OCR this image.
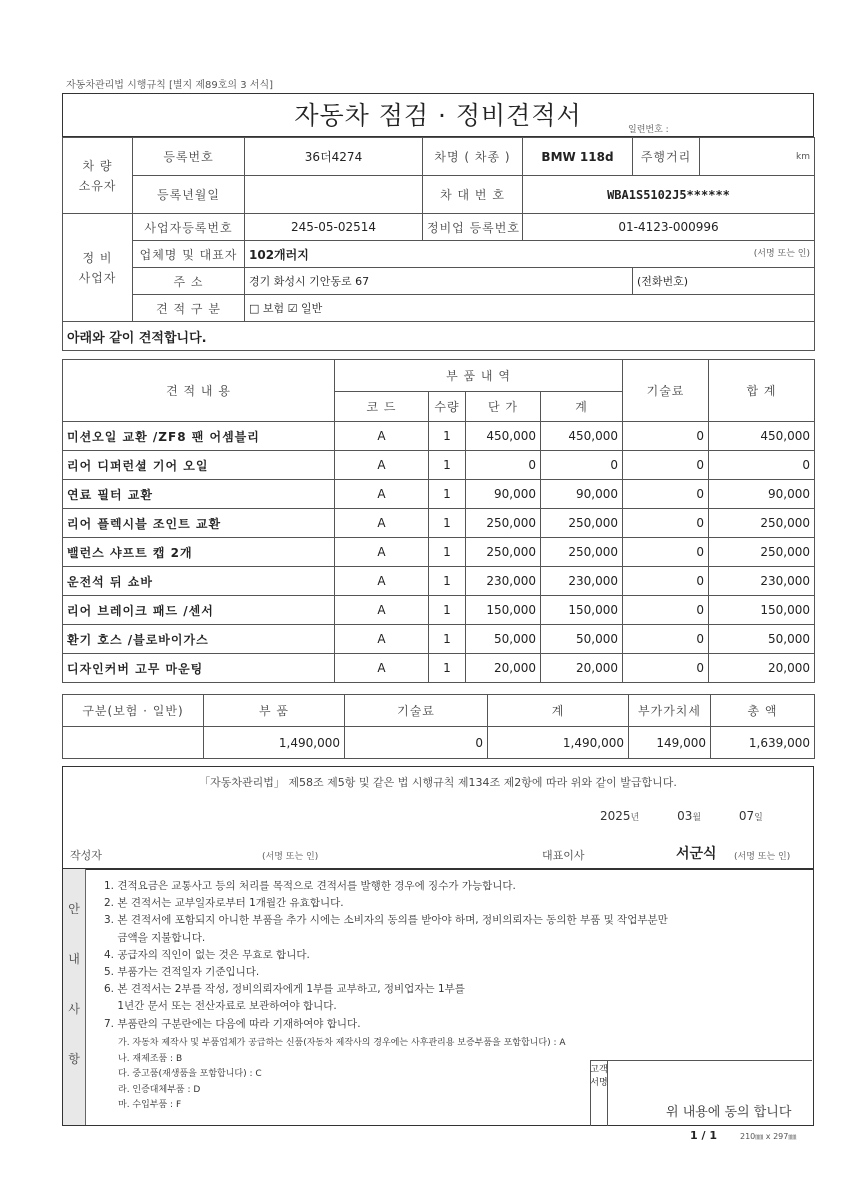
자동차관리법 시행규칙 [별지 제89호의 3 서식]
자동차 점검 · 정비견적서	일련번호 :
차 량
소유자	등록번호	36더4274	차명 ( 차종 )	BMW 118d	주행거리	km
	등록년월일		차 대 번 호	WBA1S5102J5******		
정 비
사업자	사업자등록번호	245-05-02514	정비업 등록번호	01-4123-000996		
	업체명 및 대표자	102개러지 (서명 또는 인)				

	주 소	경기 화성시 기안동로 67			(전화번호)	
	견 적 구 분	□ 보험 ☑ 일반				
아래와 같이 견적합니다.						
견 적 내 용	부 품 내 역				기술료	합 계
	코 드	수량	단 가	계		
미션오일 교환 /ZF8 팬 어셈블리	A	1	450,000	450,000	0	450,000
리어 디퍼런셜 기어 오일	A	1	0	0	0	0
연료 필터 교환	A	1	90,000	90,000	0	90,000
리어 플렉시블 조인트 교환	A	1	250,000	250,000	0	250,000
밸런스 샤프트 캡 2개	A	1	250,000	250,000	0	250,000
운전석 뒤 쇼바	A	1	230,000	230,000	0	230,000
리어 브레이크 패드 /센서	A	1	150,000	150,000	0	150,000
환기 호스 /블로바이가스	A	1	50,000	50,000	0	50,000
디자인커버 고무 마운팅	A	1	20,000	20,000	0	20,000
구분(보험 · 일반)	부 품	기술료	계	부가가치세	총 액
	1,490,000	0	1,490,000	149,000	1,639,000
「자동차관리법」 제58조 제5항 및 같은 법 시행규칙 제134조 제2항에 따라 위와 같이 발급합니다.
2025년	03월	07일
작성자	(서명 또는 인)	대표이사	서군식 (서명 또는 인)
안
내
사
항
1. 견적요금은 교통사고 등의 처리를 목적으로 견적서를 발행한 경우에 징수가 가능합니다.
2. 본 견적서는 교부일자로부터 1개월간 유효합니다.
3. 본 견적서에 포함되지 아니한 부품을 추가 시에는 소비자의 동의를 받아야 하며, 정비의뢰자는 동의한 부품 및 작업부분만
금액을 지불합니다.
4. 공급자의 직인이 없는 것은 무효로 합니다.
5. 부품가는 견적일자 기준입니다.
6. 본 견적서는 2부를 작성, 정비의뢰자에게 1부를 교부하고, 정비업자는 1부를
1년간 문서 또는 전산자료로 보관하여야 합니다.
7. 부품란의 구분란에는 다음에 따라 기재하여야 합니다.
가. 자동차 제작사 및 부품업체가 공급하는 신품(자동차 제작사의 경우에는 사후관리용 보증부품을 포함합니다) : A
나. 재제조품 : B
다. 중고품(재생품을 포함합니다) : C
라. 인증대체부품 : D
마. 수입부품 : F
고객서명
위 내용에 동의 합니다
1 / 1	210㎜ x 297㎜
